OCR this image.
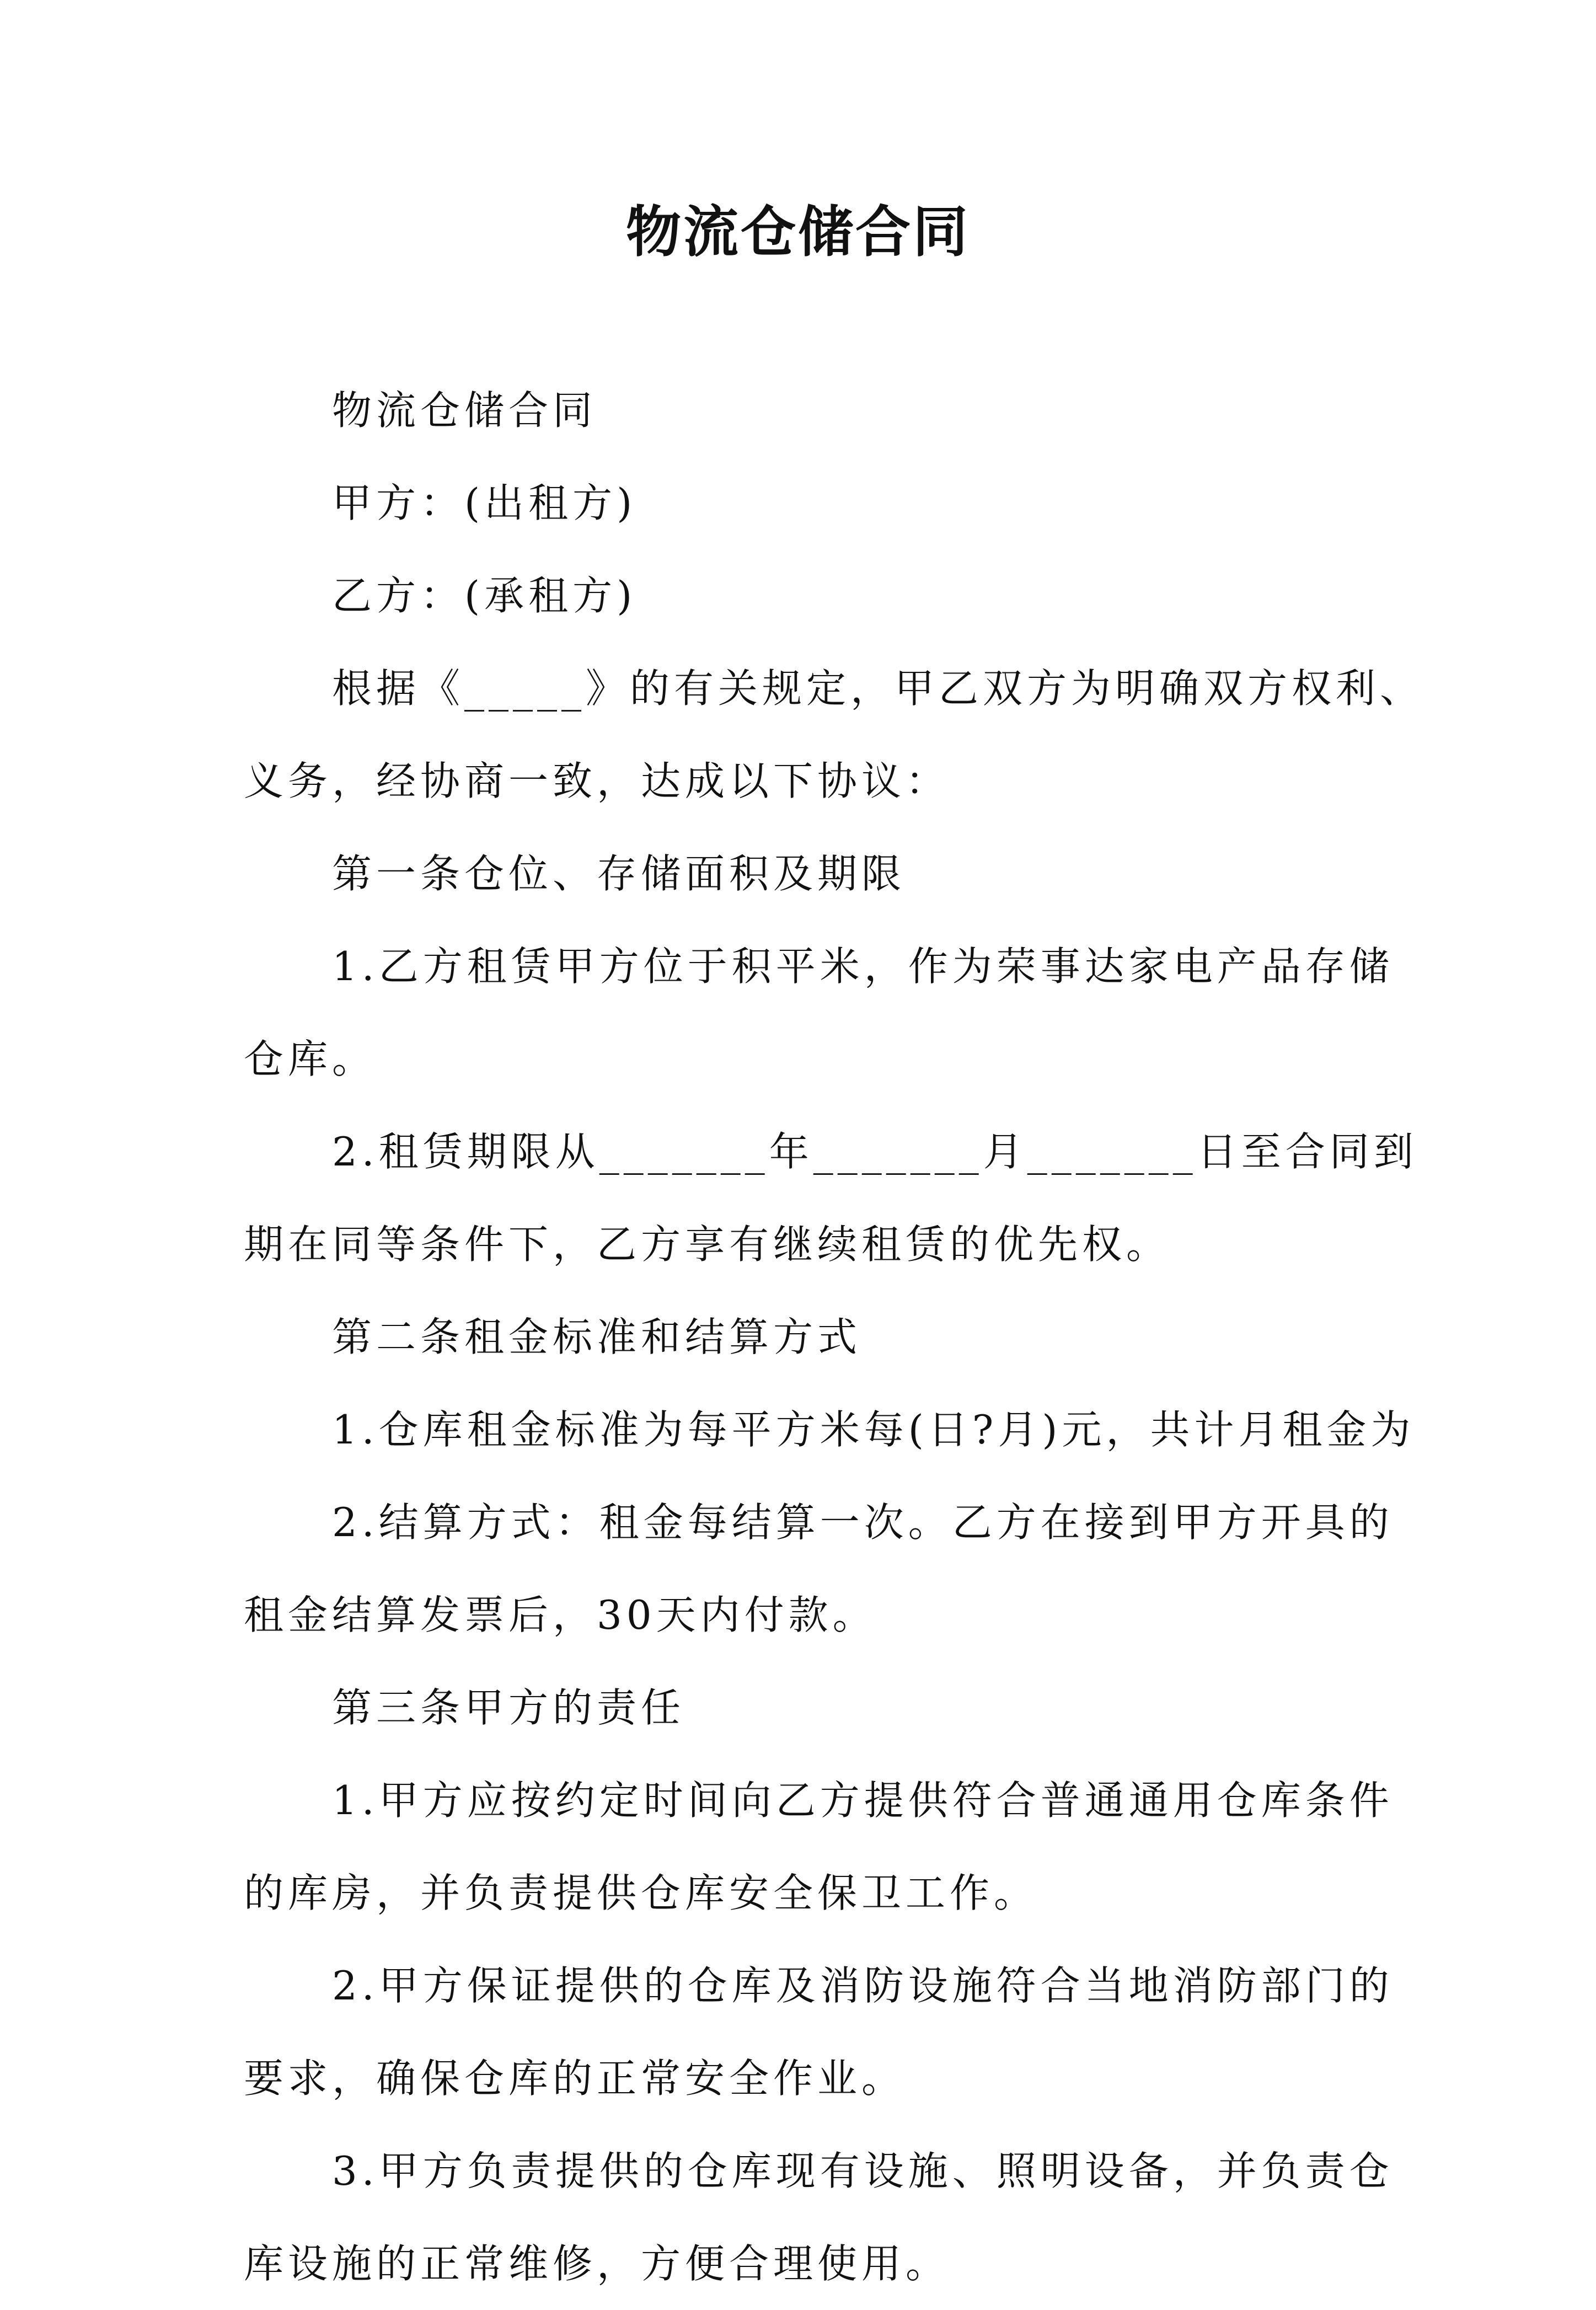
物流仓储合同

物流仓储合同

甲方：(出租方)

乙方：(承租方)

根据《_____》的有关规定，甲乙双方为明确双方权利、义务，经协商一致，达成以下协议：

第一条仓位、存储面积及期限

1.乙方租赁甲方位于积平米，作为荣事达家电产品存储仓库。

2.租赁期限从_______年_______月_______日至合同到期在同等条件下，乙方享有继续租赁的优先权。

第二条租金标准和结算方式

1.仓库租金标准为每平方米每(日?月)元，共计月租金为

2.结算方式：租金每结算一次。乙方在接到甲方开具的租金结算发票后，30天内付款。

第三条甲方的责任

1.甲方应按约定时间向乙方提供符合普通通用仓库条件的库房，并负责提供仓库安全保卫工作。

2.甲方保证提供的仓库及消防设施符合当地消防部门的要求，确保仓库的正常安全作业。

3.甲方负责提供的仓库现有设施、照明设备，并负责仓库设施的正常维修，方便合理使用。
